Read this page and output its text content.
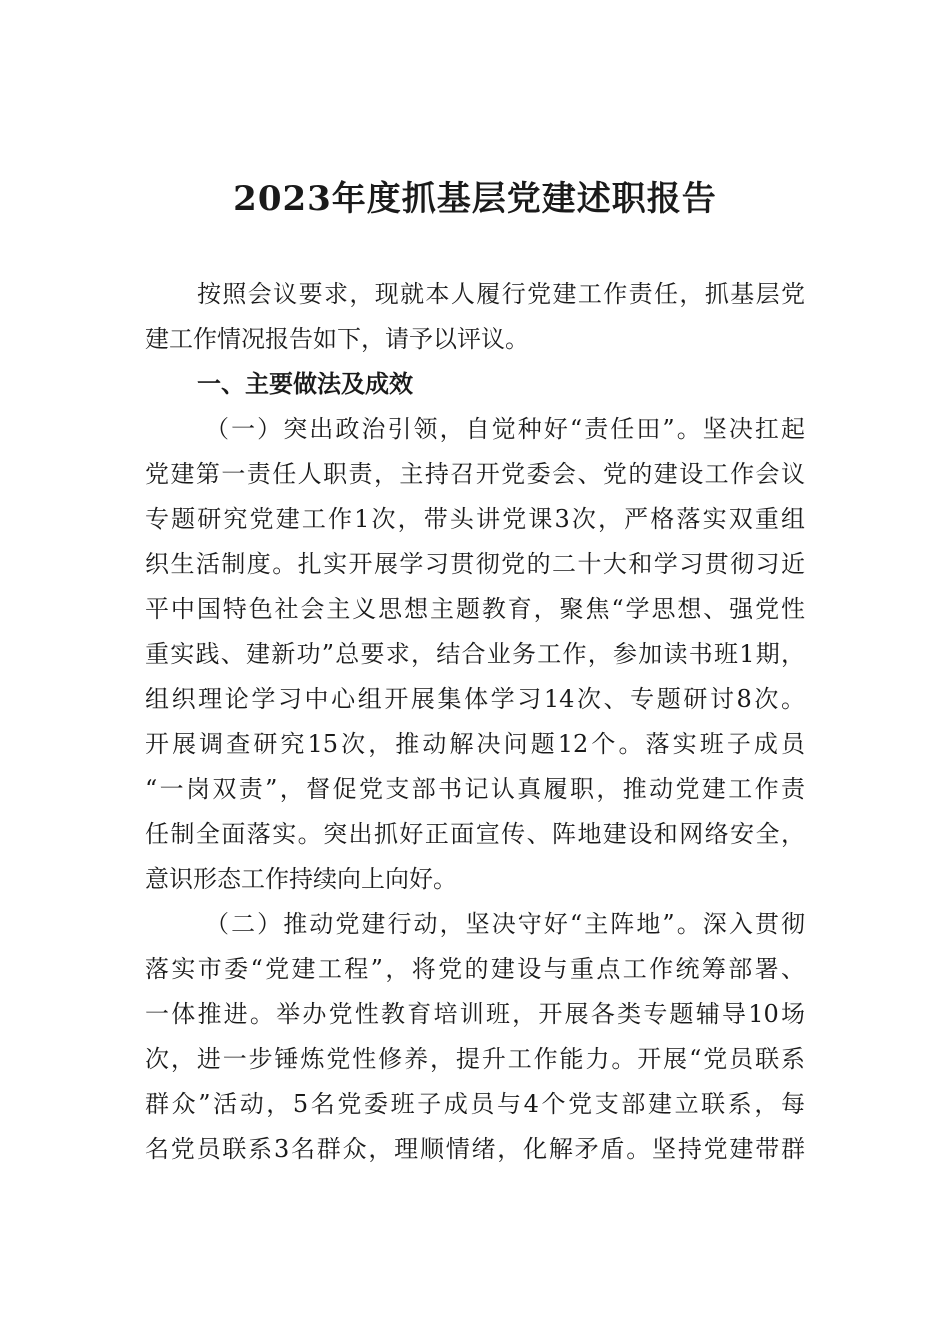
2023年度抓基层党建述职报告
按照会议要求，现就本人履行党建工作责任，抓基层党
建工作情况报告如下，请予以评议。
一、主要做法及成效
（一）突出政治引领，自觉种好“责任田”。坚决扛起
党建第一责任人职责，主持召开党委会、党的建设工作会议
专题研究党建工作1次，带头讲党课3次，严格落实双重组
织生活制度。扎实开展学习贯彻党的二十大和学习贯彻习近
平中国特色社会主义思想主题教育，聚焦“学思想、强党性
重实践、建新功”总要求，结合业务工作，参加读书班1期，
组织理论学习中心组开展集体学习14次、专题研讨8次。
开展调查研究15次，推动解决问题12个。落实班子成员
“一岗双责”，督促党支部书记认真履职，推动党建工作责
任制全面落实。突出抓好正面宣传、阵地建设和网络安全，
意识形态工作持续向上向好。
（二）推动党建行动，坚决守好“主阵地”。深入贯彻
落实市委“党建工程”，将党的建设与重点工作统筹部署、
一体推进。举办党性教育培训班，开展各类专题辅导10场
次，进一步锤炼党性修养，提升工作能力。开展“党员联系
群众”活动，5名党委班子成员与4个党支部建立联系，每
名党员联系3名群众，理顺情绪，化解矛盾。坚持党建带群
